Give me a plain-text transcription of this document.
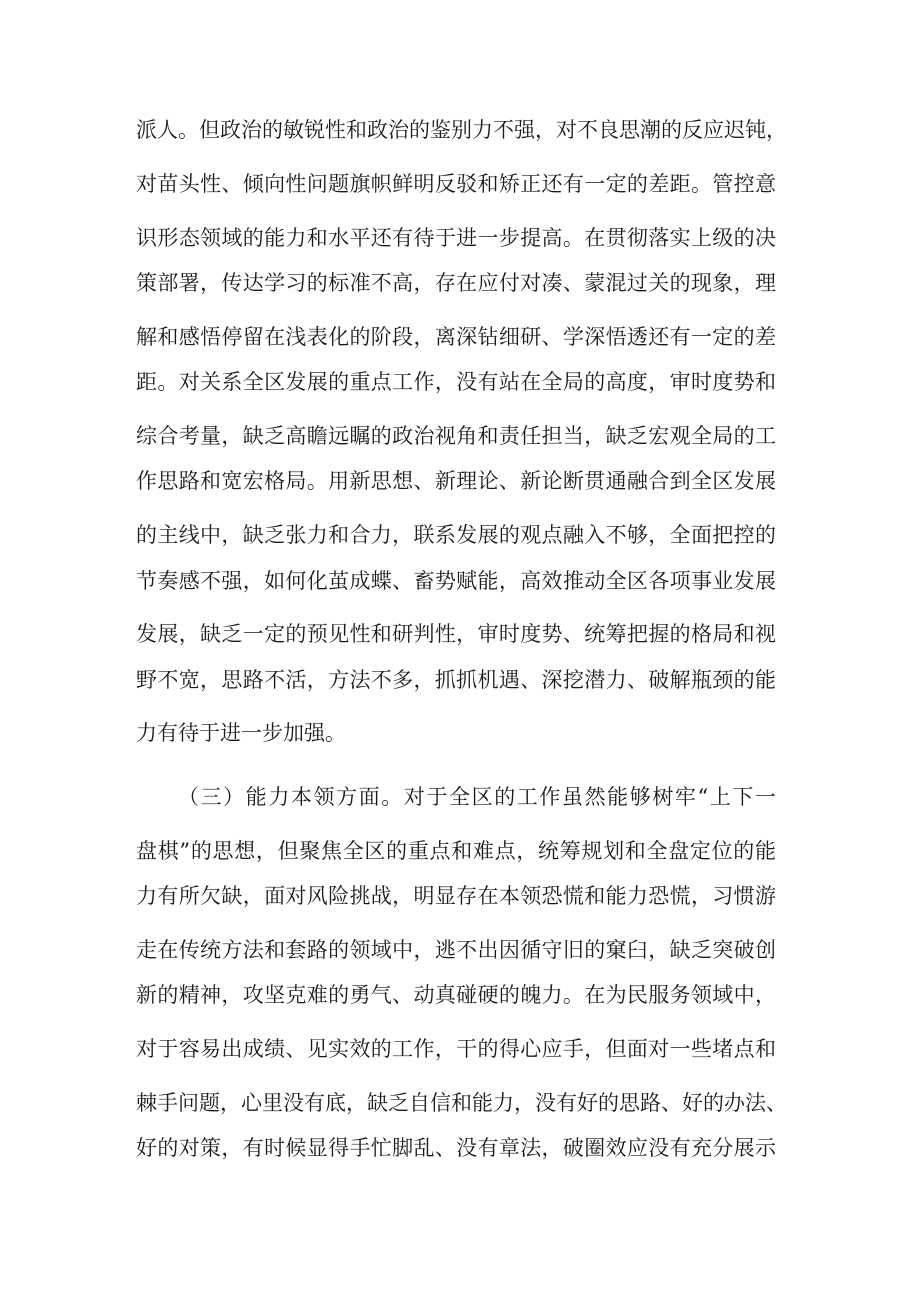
派人。但政治的敏锐性和政治的鉴别力不强，对不良思潮的反应迟钝，
对苗头性、倾向性问题旗帜鲜明反驳和矫正还有一定的差距。管控意
识形态领域的能力和水平还有待于进一步提高。在贯彻落实上级的决
策部署，传达学习的标准不高，存在应付对凑、蒙混过关的现象，理
解和感悟停留在浅表化的阶段，离深钻细研、学深悟透还有一定的差
距。对关系全区发展的重点工作，没有站在全局的高度，审时度势和
综合考量，缺乏高瞻远瞩的政治视角和责任担当，缺乏宏观全局的工
作思路和宽宏格局。用新思想、新理论、新论断贯通融合到全区发展
的主线中，缺乏张力和合力，联系发展的观点融入不够，全面把控的
节奏感不强，如何化茧成蝶、畜势赋能，高效推动全区各项事业发展
发展，缺乏一定的预见性和研判性，审时度势、统筹把握的格局和视
野不宽，思路不活，方法不多，抓抓机遇、深挖潜力、破解瓶颈的能
力有待于进一步加强。
（三）能力本领方面。对于全区的工作虽然能够树牢“上下一
盘棋”的思想，但聚焦全区的重点和难点，统筹规划和全盘定位的能
力有所欠缺，面对风险挑战，明显存在本领恐慌和能力恐慌，习惯游
走在传统方法和套路的领域中，逃不出因循守旧的窠臼，缺乏突破创
新的精神，攻坚克难的勇气、动真碰硬的魄力。在为民服务领域中，
对于容易出成绩、见实效的工作，干的得心应手，但面对一些堵点和
棘手问题，心里没有底，缺乏自信和能力，没有好的思路、好的办法、
好的对策，有时候显得手忙脚乱、没有章法，破圈效应没有充分展示
